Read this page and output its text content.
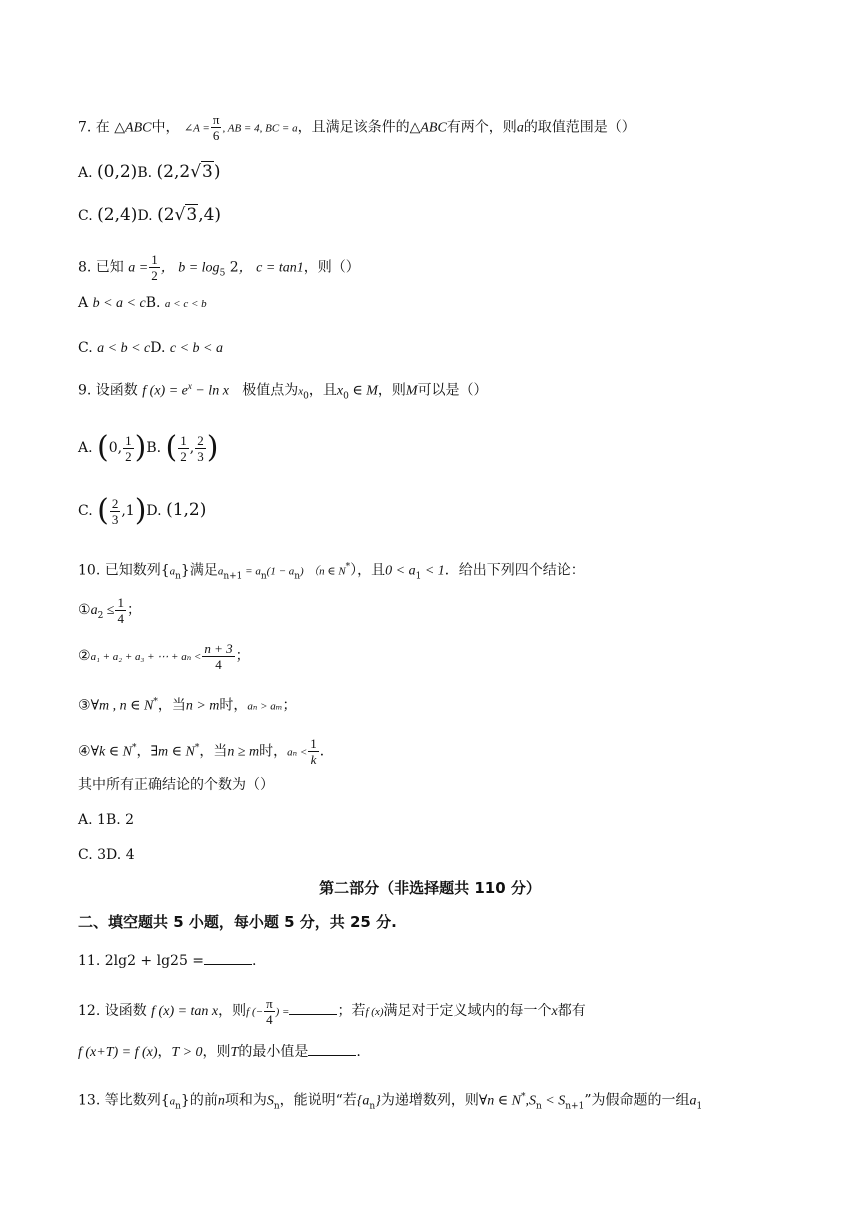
7. 在 △ABC中， ∠A = $\frac{\pi}{6}$ , AB = 4, BC = a，且满足该条件的△ABC有两个，则a的取值范围是（）
A. (0,2)B. (2,2√3)
C. (2,4)D. (2√3,4)
8. 已知 $a = \frac{1}{2}$ ， $b = \log_5 2$， c = tan1，则（）
A b < a < cB. a < c < b
C. a < b < cD. c < b < a
9. 设函数 f $(x) = e^x - \ln x$ 极值点为$x_0$，且$x_0$ ∈ M，则M可以是（）
A. (0, $\frac{1}{2} )B$. ( $\frac{1}{2}$ , $\frac{2}{3}$ )
C. ( $\frac{2}{3} ,1)D$. (1,2)
10. 已知数列$\{a_n\}$满足$a_{n+1} = a_n(1 - a_n)$ （n ∈ N*），且$0 < a_1 < 1$．给出下列四个结论：
$①a_2 \le \frac{1}{4}$ ；
②a₁ + a₂ + a₃ + ⋯ + $a_n < \frac{n + 3}{4}$ ；
③∀m , n ∈ N*，当n > m时，aₙ > aₘ；
④∀k ∈ N*，∃m ∈ N*，当n ≥ m时，$a_n < \frac{1}{k}$ ．
其中所有正确结论的个数为（）
A. 1B. 2
C. 3D. 4
第二部分（非选择题共 110 分）
二、填空题共 5 小题，每小题 5 分，共 25 分.
11. 2lg2 + lg25 =	.
12. 设函数 f (x) = tan x，则f (− $\frac{\pi}{4}$ ) =	；若f (x)满足对于定义域内的每一个x都有
f (x+T) = f (x)，T > 0，则T的最小值是	.
13. 等比数列$\{a_n\}$的前n项和为$S_n$，能说明“若$\{a_n\}$为递增数列，则∀n ∈ $N^*,S_n < S_{n+1}$”为假命题的一组$a_1$
